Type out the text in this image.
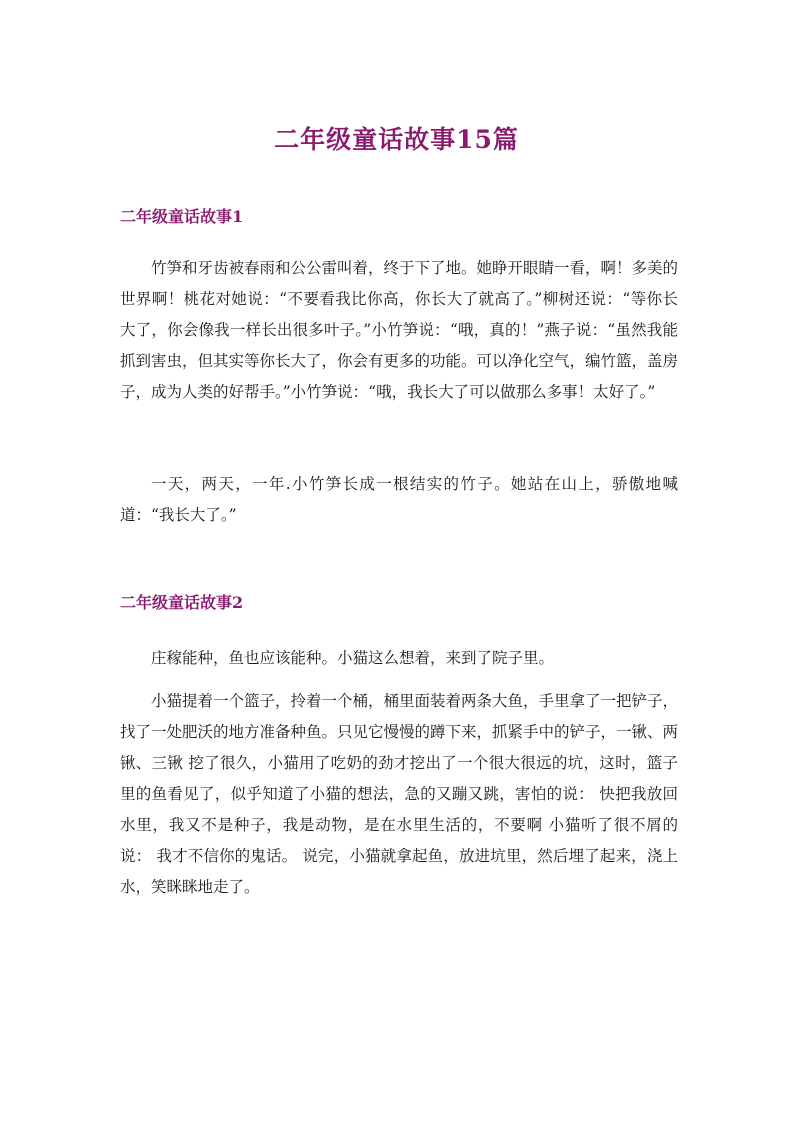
二年级童话故事15篇
二年级童话故事1

竹笋和牙齿被春雨和公公雷叫着，终于下了地。她睁开眼睛一看，啊！多美的世界啊！桃花对她说：“不要看我比你高，你长大了就高了。”柳树还说：“等你长大了，你会像我一样长出很多叶子。”小竹笋说：“哦，真的！”燕子说：“虽然我能抓到害虫，但其实等你长大了，你会有更多的功能。可以净化空气，编竹篮，盖房子，成为人类的好帮手。”小竹笋说：“哦，我长大了可以做那么多事！太好了。”

一天，两天，一年.小竹笋长成一根结实的竹子。她站在山上，骄傲地喊道：“我长大了。”

二年级童话故事2

庄稼能种，鱼也应该能种。小猫这么想着，来到了院子里。

小猫提着一个篮子，拎着一个桶，桶里面装着两条大鱼，手里拿了一把铲子，找了一处肥沃的地方准备种鱼。只见它慢慢的蹲下来，抓紧手中的铲子，一锹、两锹、三锹 挖了很久，小猫用了吃奶的劲才挖出了一个很大很远的坑，这时，篮子里的鱼看见了，似乎知道了小猫的想法，急的又蹦又跳，害怕的说： 快把我放回水里，我又不是种子，我是动物，是在水里生活的，不要啊 小猫听了很不屑的说： 我才不信你的鬼话。 说完，小猫就拿起鱼，放进坑里，然后埋了起来，浇上水，笑眯眯地走了。
